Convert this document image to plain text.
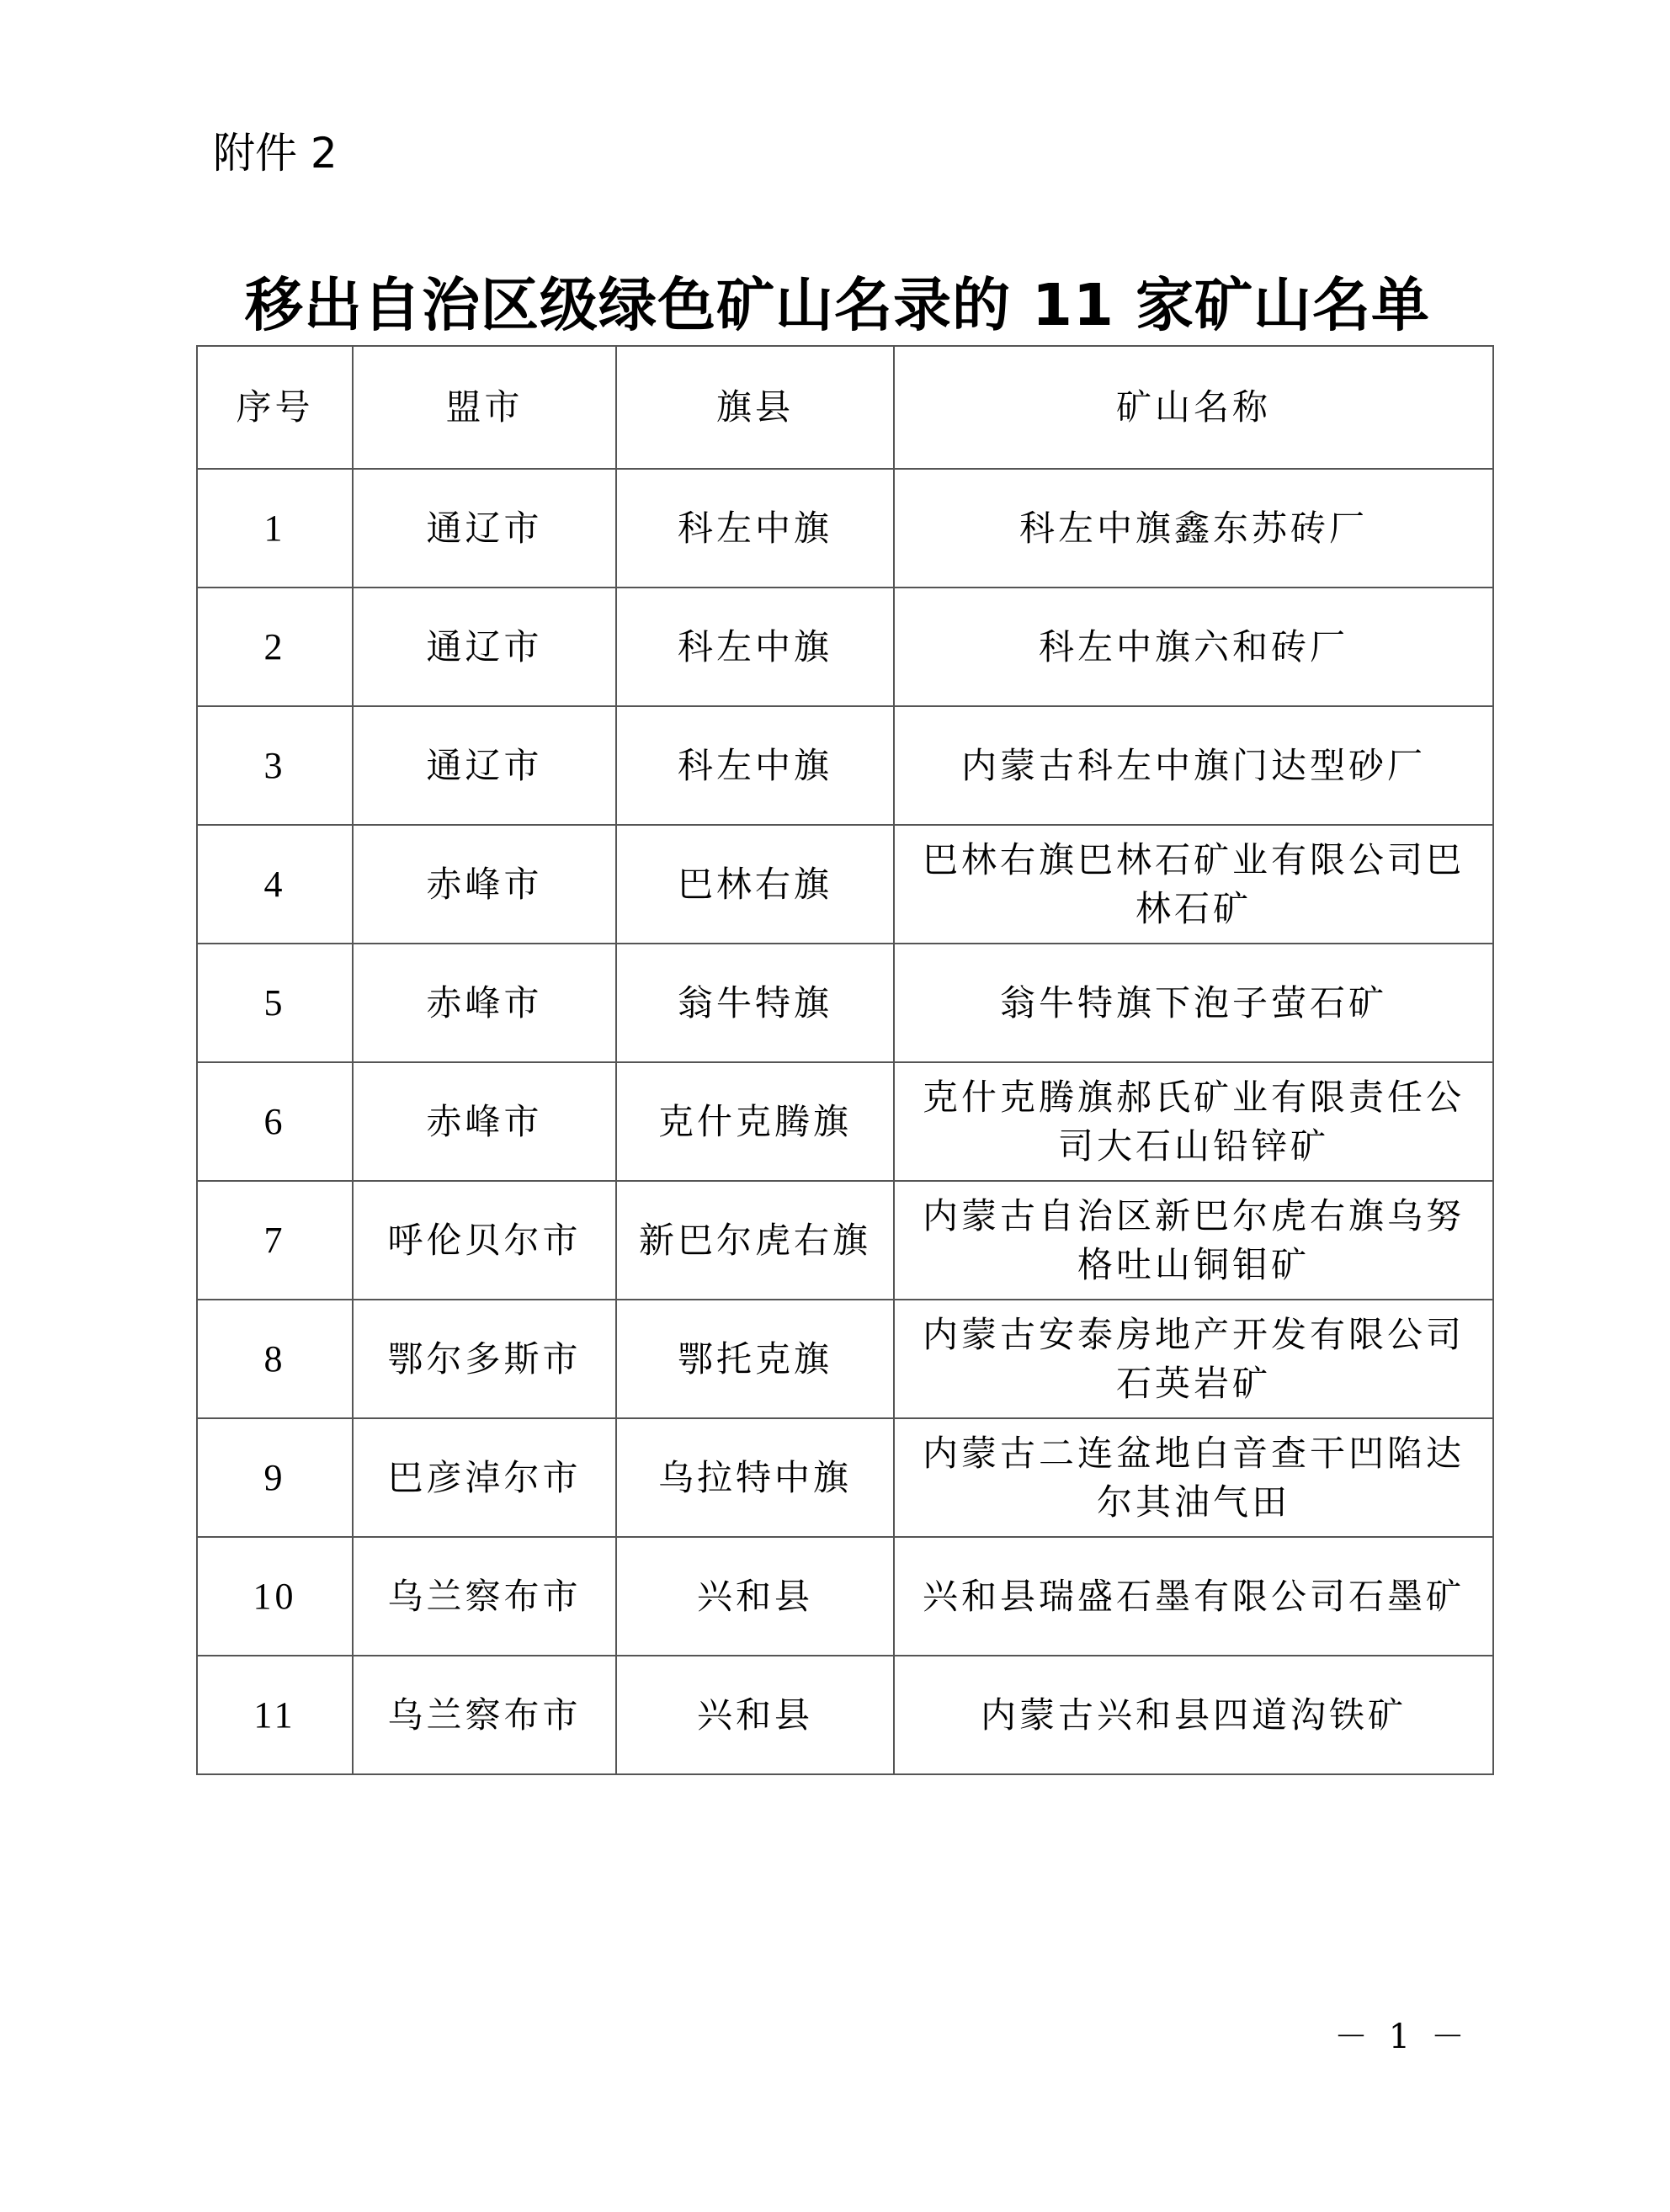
附件 2
移出自治区级绿色矿山名录的 11 家矿山名单
序号	盟市	旗县	矿山名称
1	通辽市	科左中旗	科左中旗鑫东苏砖厂
2	通辽市	科左中旗	科左中旗六和砖厂
3	通辽市	科左中旗	内蒙古科左中旗门达型砂厂
4	赤峰市	巴林右旗	巴林右旗巴林石矿业有限公司巴林石矿
5	赤峰市	翁牛特旗	翁牛特旗下泡子萤石矿
6	赤峰市	克什克腾旗	克什克腾旗郝氏矿业有限责任公司大石山铅锌矿
7	呼伦贝尔市	新巴尔虎右旗	内蒙古自治区新巴尔虎右旗乌努格吐山铜钼矿
8	鄂尔多斯市	鄂托克旗	内蒙古安泰房地产开发有限公司石英岩矿
9	巴彦淖尔市	乌拉特中旗	内蒙古二连盆地白音查干凹陷达尔其油气田
10	乌兰察布市	兴和县	兴和县瑞盛石墨有限公司石墨矿
11	乌兰察布市	兴和县	内蒙古兴和县四道沟铁矿
－ 1 －
